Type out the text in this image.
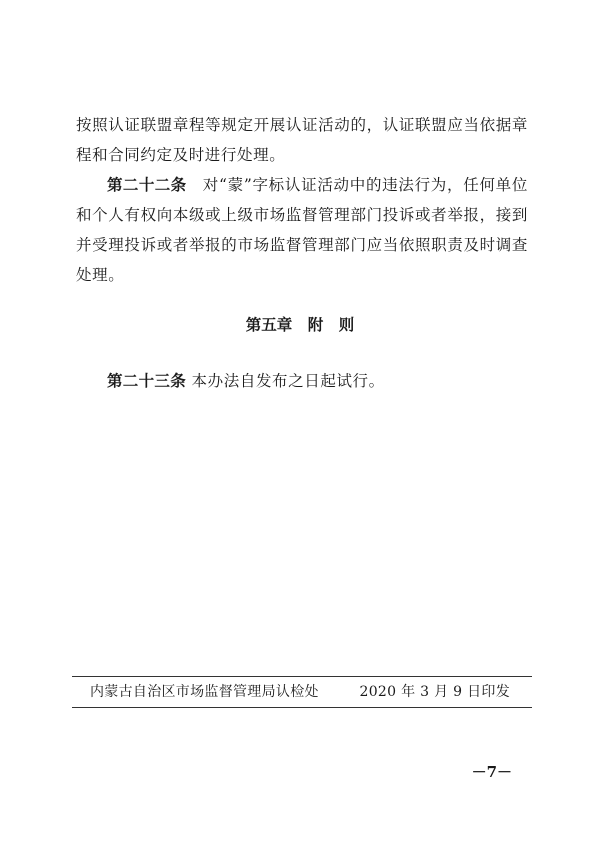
按照认证联盟章程等规定开展认证活动的，认证联盟应当依据章程和合同约定及时进行处理。

第二十二条　对“蒙”字标认证活动中的违法行为，任何单位和个人有权向本级或上级市场监督管理部门投诉或者举报，接到并受理投诉或者举报的市场监督管理部门应当依照职责及时调查处理。

第五章　附　则

第二十三条 本办法自发布之日起试行。

内蒙古自治区市场监督管理局认检处	2020 年 3 月 9 日印发
－7－
